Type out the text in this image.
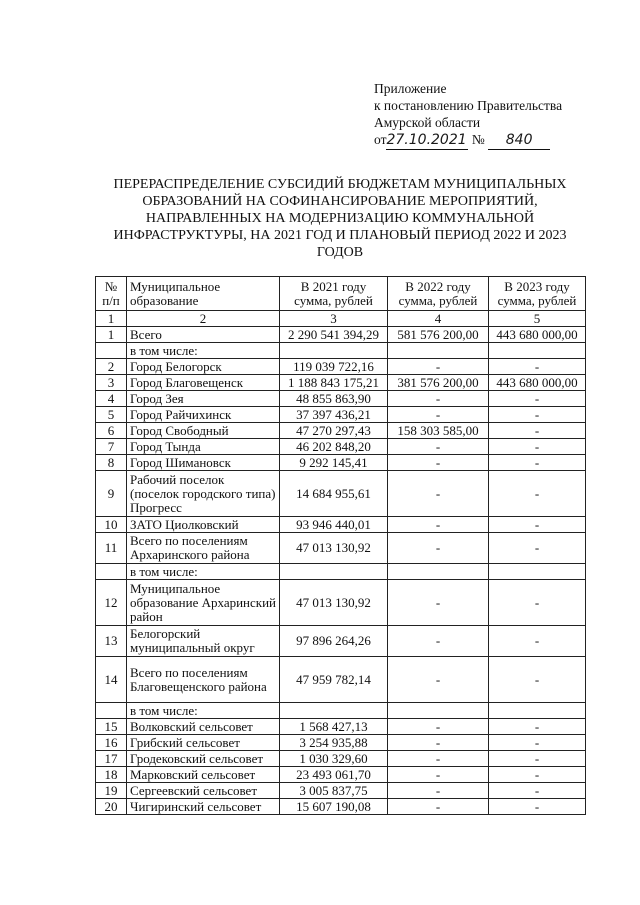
Приложение
к постановлению Правительства
Амурской области
от27.10.2021 № 840
ПЕРЕРАСПРЕДЕЛЕНИЕ СУБСИДИЙ БЮДЖЕТАМ МУНИЦИПАЛЬНЫХ ОБРАЗОВАНИЙ НА СОФИНАНСИРОВАНИЕ МЕРОПРИЯТИЙ, НАПРАВЛЕННЫХ НА МОДЕРНИЗАЦИЮ КОММУНАЛЬНОЙ ИНФРАСТРУКТУРЫ, НА 2021 ГОД И ПЛАНОВЫЙ ПЕРИОД 2022 И 2023 ГОДОВ
№ п/п	Муниципальное образование	В 2021 году сумма, рублей	В 2022 году сумма, рублей	В 2023 году сумма, рублей
1	2	3	4	5
1	Всего	2 290 541 394,29	581 576 200,00	443 680 000,00
	в том числе:			
2	Город Белогорск	119 039 722,16	-	-
3	Город Благовещенск	1 188 843 175,21	381 576 200,00	443 680 000,00
4	Город Зея	48 855 863,90	-	-
5	Город Райчихинск	37 397 436,21	-	-
6	Город Свободный	47 270 297,43	158 303 585,00	-
7	Город Тында	46 202 848,20	-	-
8	Город Шимановск	9 292 145,41	-	-
9	Рабочий поселок (поселок городского типа) Прогресс	14 684 955,61	-	-
10	ЗАТО Циолковский	93 946 440,01	-	-
11	Всего по поселениям Архаринского района	47 013 130,92	-	-
	в том числе:			
12	Муниципальное образование Архаринский район	47 013 130,92	-	-
13	Белогорский муниципальный округ	97 896 264,26	-	-
14	Всего по поселениям Благовещенского района	47 959 782,14	-	-
	в том числе:			
15	Волковский сельсовет	1 568 427,13	-	-
16	Грибский сельсовет	3 254 935,88	-	-
17	Гродековский сельсовет	1 030 329,60	-	-
18	Марковский сельсовет	23 493 061,70	-	-
19	Сергеевский сельсовет	3 005 837,75	-	-
20	Чигиринский сельсовет	15 607 190,08	-	-
